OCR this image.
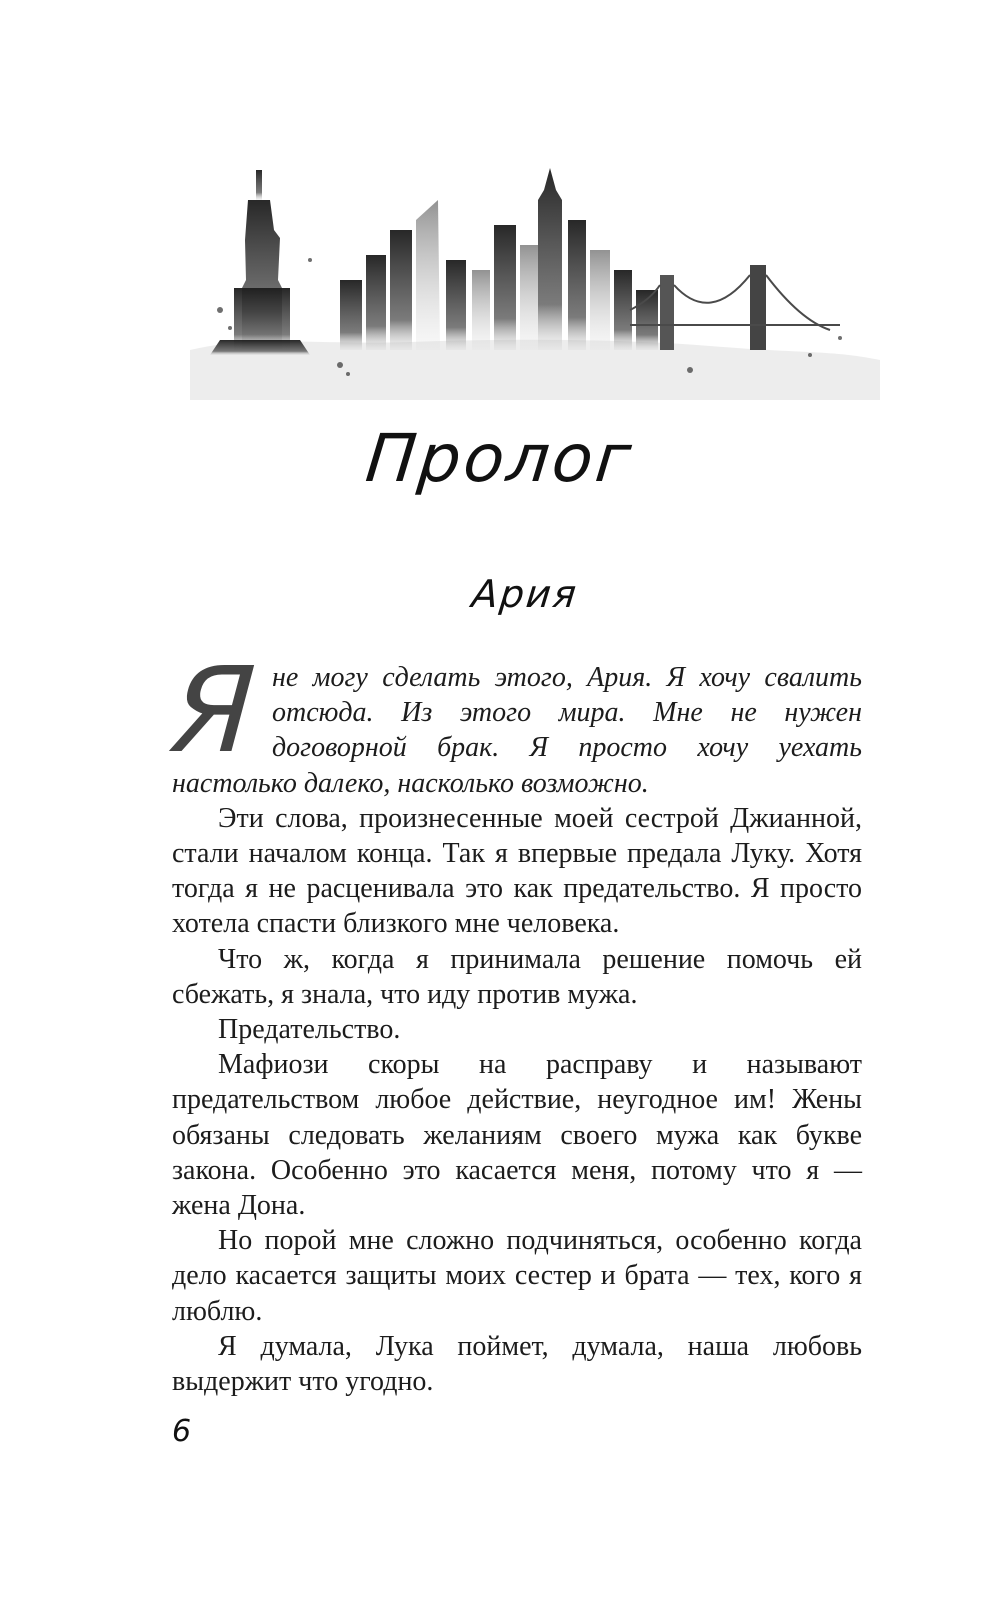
Пролог
Ария

Я не могу сделать этого, Ария. Я хочу свалить отсюда. Из этого мира. Мне не нужен договорной брак. Я просто хочу уехать настолько далеко, насколько возможно.

Эти слова, произнесенные моей сестрой Джианной, стали началом конца. Так я впервые предала Луку. Хотя тогда я не расценивала это как предательство. Я просто хотела спасти близкого мне человека.

Что ж, когда я принимала решение помочь ей сбежать, я знала, что иду против мужа.

Предательство.

Мафиози скоры на расправу и называют предательством любое действие, неугодное им! Жены обязаны следовать желаниям своего мужа как букве закона. Особенно это касается меня, потому что я — жена Дона.

Но порой мне сложно подчиняться, особенно когда дело касается защиты моих сестер и брата — тех, кого я люблю.

Я думала, Лука поймет, думала, наша любовь выдержит что угодно.

6
